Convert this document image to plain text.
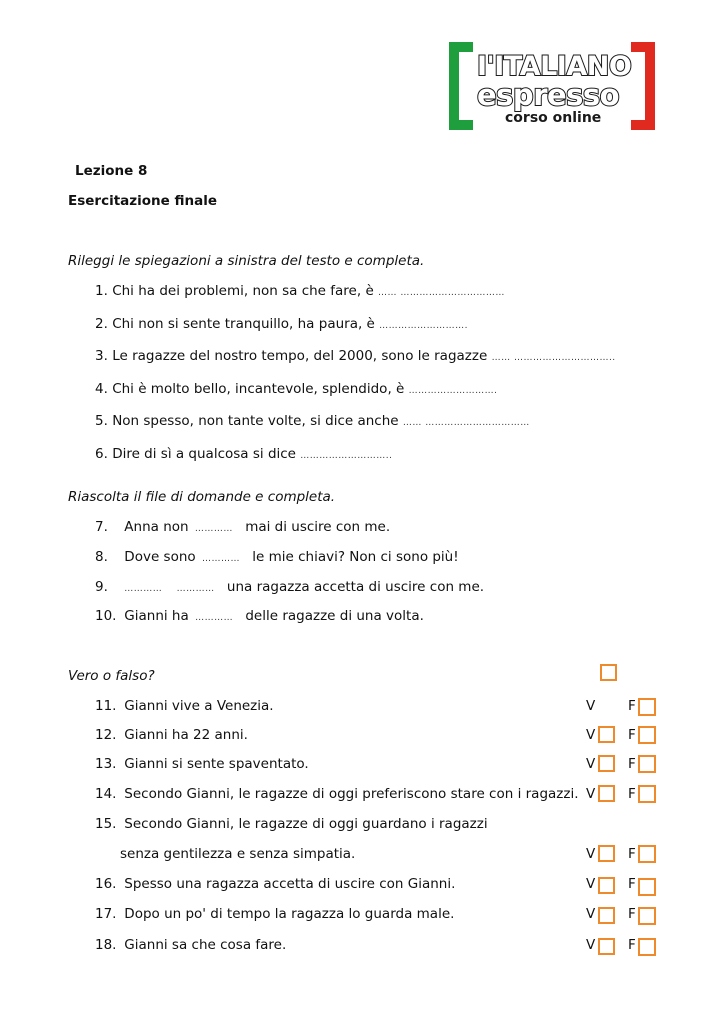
I'ITALIANO
espresso
corso online
Lezione 8
Esercitazione finale
Rileggi le spiegazioni a sinistra del testo e completa.
1. Chi ha dei problemi, non sa che fare, è …… ……………………………
2. Chi non si sente tranquillo, ha paura, è ……………………….
3. Le ragazze del nostro tempo, del 2000, sono le ragazze …… …………………………..
4. Chi è molto bello, incantevole, splendido, è ……………………….
5. Non spesso, non tante volte, si dice anche …… ……………………………
6. Dire di sì a qualcosa si dice ………………………..
Riascolta il file di domande e completa.
7. Anna non ………… mai di uscire con me.
8. Dove sono ………… le mie chiavi? Non ci sono più!
9. ………… ………… una ragazza accetta di uscire con me.
10. Gianni ha ………… delle ragazze di una volta.
Vero o falso?
11. Gianni vive a Venezia.	V F
12. Gianni ha 22 anni.	V F
13. Gianni si sente spaventato.	V F
14. Secondo Gianni, le ragazze di oggi preferiscono stare con i ragazzi. V F
15. Secondo Gianni, le ragazze di oggi guardano i ragazzi
senza gentilezza e senza simpatia.	V F
16. Spesso una ragazza accetta di uscire con Gianni.	V F
17. Dopo un po' di tempo la ragazza lo guarda male.	V F
18. Gianni sa che cosa fare.	V F
